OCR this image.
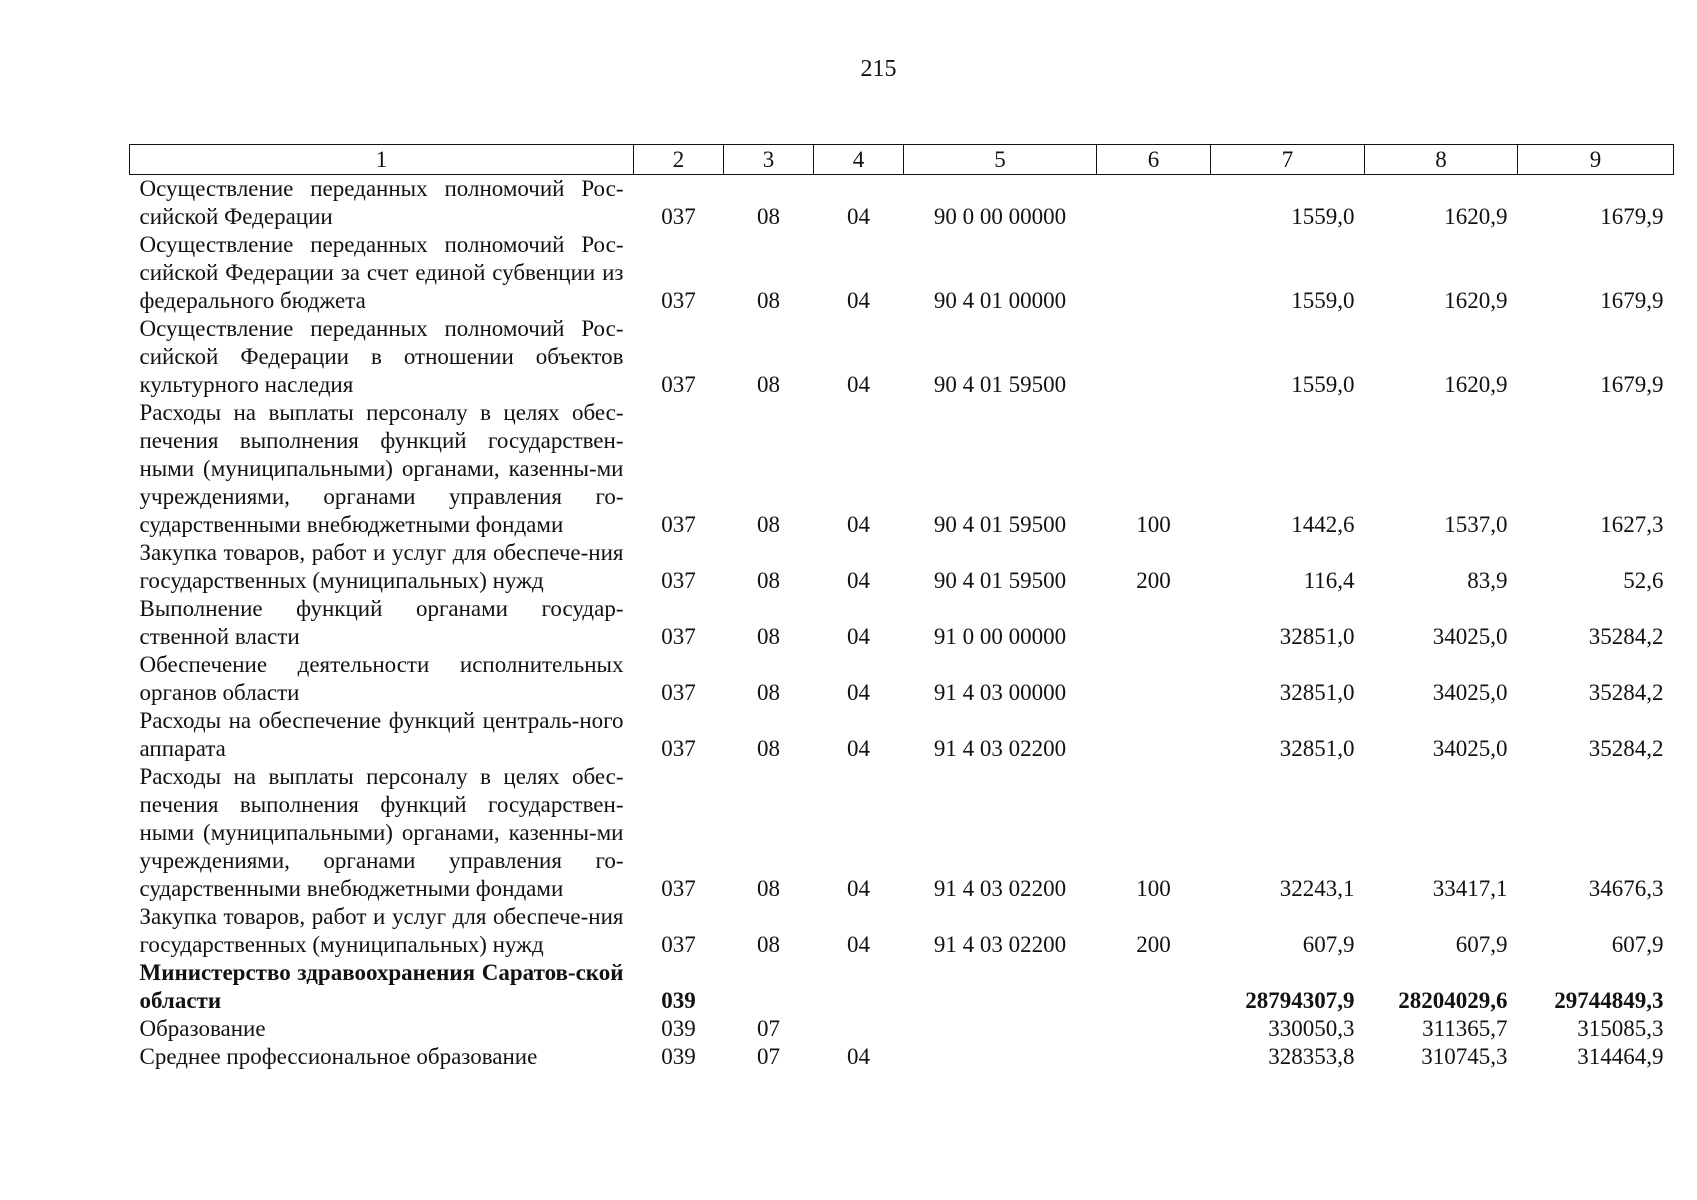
215
1	2	3	4	5	6	7	8	9

Осуществление переданных полномочий Рос-сийской Федерации	037	08	04	90 0 00 00000		1559,0	1620,9	1679,9

Осуществление переданных полномочий Рос-сийской Федерации за счет единой субвенции из федерального бюджета	037	08	04	90 4 01 00000		1559,0	1620,9	1679,9

Осуществление переданных полномочий Рос-сийской Федерации в отношении объектов культурного наследия	037	08	04	90 4 01 59500		1559,0	1620,9	1679,9

Расходы на выплаты персоналу в целях обес-печения выполнения функций государствен-ными (муниципальными) органами, казенны-ми учреждениями, органами управления го-сударственными внебюджетными фондами	037	08	04	90 4 01 59500	100	1442,6	1537,0	1627,3

Закупка товаров, работ и услуг для обеспече-ния государственных (муниципальных) нужд	037	08	04	90 4 01 59500	200	116,4	83,9	52,6

Выполнение функций органами государ-ственной власти	037	08	04	91 0 00 00000		32851,0	34025,0	35284,2

Обеспечение деятельности исполнительных органов области	037	08	04	91 4 03 00000		32851,0	34025,0	35284,2

Расходы на обеспечение функций централь-ного аппарата	037	08	04	91 4 03 02200		32851,0	34025,0	35284,2

Расходы на выплаты персоналу в целях обес-печения выполнения функций государствен-ными (муниципальными) органами, казенны-ми учреждениями, органами управления го-сударственными внебюджетными фондами	037	08	04	91 4 03 02200	100	32243,1	33417,1	34676,3

Закупка товаров, работ и услуг для обеспече-ния государственных (муниципальных) нужд	037	08	04	91 4 03 02200	200	607,9	607,9	607,9

Министерство здравоохранения Саратов-ской области	039					28794307,9	28204029,6	29744849,3

Образование	039	07				330050,3	311365,7	315085,3

Среднее профессиональное образование	039	07	04			328353,8	310745,3	314464,9
